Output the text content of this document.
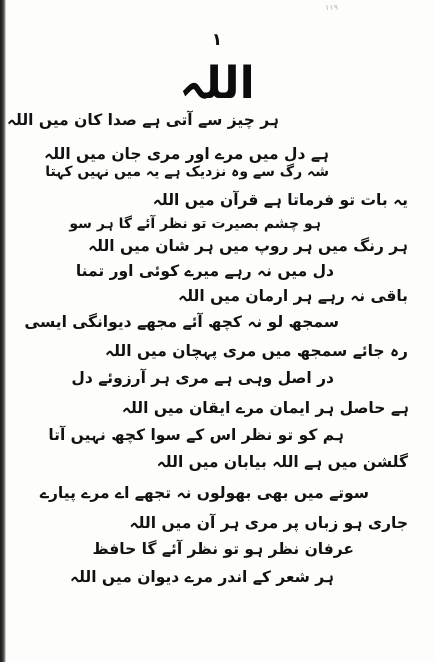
۱۱۹
۱
اللہ
ہر چیز سے آتی ہے صدا کان میں اللہ
ہے دل میں مرے اور مری جان میں اللہ
شہ رگ سے وہ نزدیک ہے یہ میں نہیں کہتا
یہ بات تو فرماتا ہے قرآن میں اللہ
ہو چشم بصیرت تو نظر آئے گا ہر سو
ہر رنگ میں ہر روپ میں ہر شان میں اللہ
دل میں نہ رہے میرے کوئی اور تمنا
باقی نہ رہے ہر ارمان میں اللہ
سمجھ لو نہ کچھ آئے مجھے دیوانگی ایسی
رہ جائے سمجھ میں مری پہچان میں اللہ
در اصل وہی ہے مری ہر آرزوئے دل
ہے حاصل ہر ایمان مرے ایقان میں اللہ
ہم کو تو نظر اس کے سوا کچھ نہیں آتا
گلشن میں ہے اللہ بیابان میں اللہ
سوتے میں بھی بھولوں نہ تجھے اے مرے پیارے
جاری ہو زباں پر مری ہر آن میں اللہ
عرفان نظر ہو تو نظر آئے گا حافظ
ہر شعر کے اندر مرے دیوان میں اللہ
